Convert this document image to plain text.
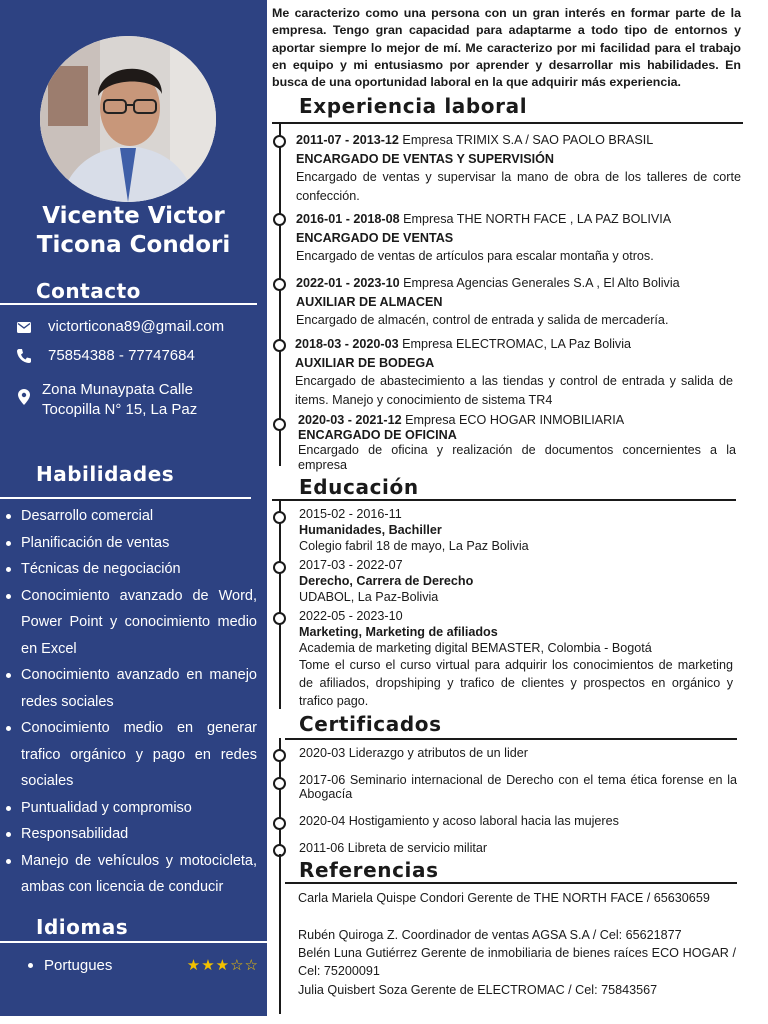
Vicente Victor
Ticona Condori
Contacto
victorticona89@gmail.com
75854388 - 77747684
Zona Munaypata Calle
Tocopilla N° 15, La Paz
Habilidades
Desarrollo comercial
Planificación de ventas
Técnicas de negociación
Conocimiento avanzado de Word, Power Point y conocimiento medio en Excel
Conocimiento avanzado en manejo redes sociales
Conocimiento medio en generar trafico orgánico y pago en redes sociales
Puntualidad y compromiso
Responsabilidad
Manejo de vehículos y motocicleta, ambas con licencia de conducir
Idiomas
Portugues	★ ★ ★ ☆ ☆
Me caracterizo como una persona con un gran interés en formar parte de la empresa. Tengo gran capacidad para adaptarme a todo tipo de entornos y aportar siempre lo mejor de mí. Me caracterizo por mi facilidad para el trabajo en equipo y mi entusiasmo por aprender y desarrollar mis habilidades. En busca de una oportunidad laboral en la que adquirir más experiencia.
Experiencia laboral
2011-07 - 2013-12 Empresa TRIMIX S.A / SAO PAOLO BRASIL
ENCARGADO DE VENTAS Y SUPERVISIÓN
Encargado de ventas y supervisar la mano de obra de los talleres de corte confección.
2016-01 - 2018-08 Empresa THE NORTH FACE , LA PAZ BOLIVIA
ENCARGADO DE VENTAS
Encargado de ventas de artículos para escalar montaña y otros.
2022-01 - 2023-10 Empresa Agencias Generales S.A , El Alto Bolivia
AUXILIAR DE ALMACEN
Encargado de almacén, control de entrada y salida de mercadería.
2018-03 - 2020-03 Empresa ELECTROMAC, LA Paz Bolivia
AUXILIAR DE BODEGA
Encargado de abastecimiento a las tiendas y control de entrada y salida de items. Manejo y conocimiento de sistema TR4
2020-03 - 2021-12 Empresa ECO HOGAR INMOBILIARIA
ENCARGADO DE OFICINA
Encargado de oficina y realización de documentos concernientes a la empresa
Educación
2015-02 - 2016-11
Humanidades, Bachiller
Colegio fabril 18 de mayo, La Paz Bolivia
2017-03 - 2022-07
Derecho, Carrera de Derecho
UDABOL, La Paz-Bolivia
2022-05 - 2023-10
Marketing, Marketing de afiliados
Academia de marketing digital BEMASTER, Colombia - Bogotá
Tome el curso el curso virtual para adquirir los conocimientos de marketing de afiliados, dropshiping y trafico de clientes y prospectos en orgánico y trafico pago.
Certificados
2020-03 Liderazgo y atributos de un lider
2017-06 Seminario internacional de Derecho con el tema ética forense en la Abogacía
2020-04 Hostigamiento y acoso laboral hacia las mujeres
2011-06 Libreta de servicio militar
Referencias
Carla Mariela Quispe Condori Gerente de THE NORTH FACE / 65630659
Rubén Quiroga Z. Coordinador de ventas AGSA S.A / Cel: 65621877
Belén Luna Gutiérrez Gerente de inmobiliaria de bienes raíces ECO HOGAR / Cel: 75200091
Julia Quisbert Soza Gerente de ELECTROMAC / Cel: 75843567
